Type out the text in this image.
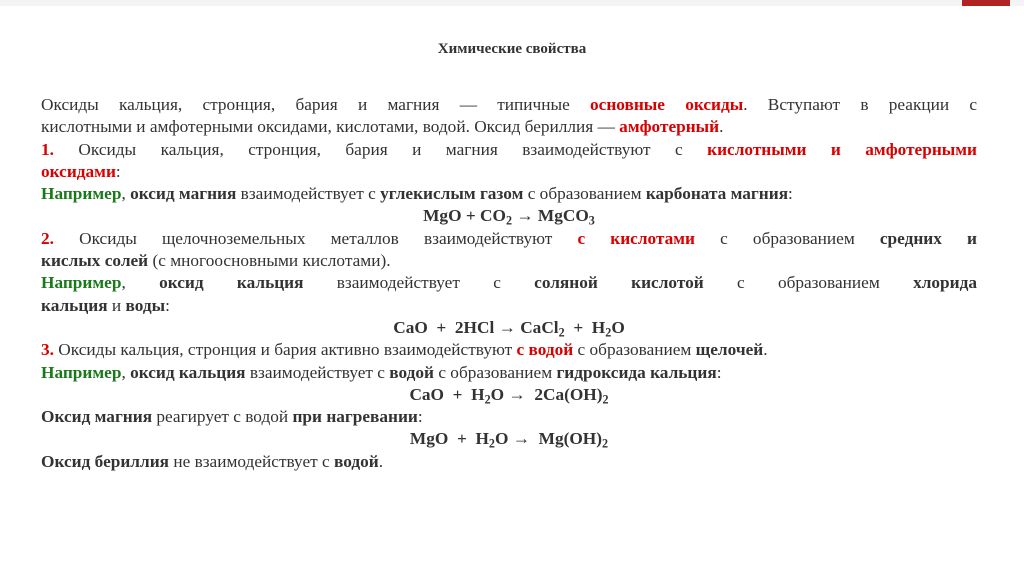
Химические свойства

Оксиды кальция, стронция, бария и магния — типичные основные оксиды. Вступают в реакции с

кислотными и амфотерными оксидами, кислотами, водой. Оксид бериллия — амфотерный.

1. Оксиды кальция, стронция, бария и магния взаимодействуют с кислотными и амфотерными

оксидами:

Например, оксид магния взаимодействует с углекислым газом с образованием карбоната магния:

MgO + $CO_2$ → MgCO$_3$

2. Оксиды щелочноземельных металлов взаимодействуют с кислотами с образованием средних и

кислых солей (с многоосновными кислотами).

Например, оксид кальция взаимодействует с соляной кислотой с образованием хлорида

кальция и воды:

CaO  +  2HCl → CaCl$_2$  +  $H_2O$

3. Оксиды кальция, стронция и бария активно взаимодействуют с водой с образованием щелочей.

Например, оксид кальция взаимодействует с водой с образованием гидроксида кальция:

CaO  +  $H_2O \to 2Ca(OH)_2$

Оксид магния реагирует с водой при нагревании:

MgO  +  $H_2O \to Mg(OH)_2$

Оксид бериллия не взаимодействует с водой.
